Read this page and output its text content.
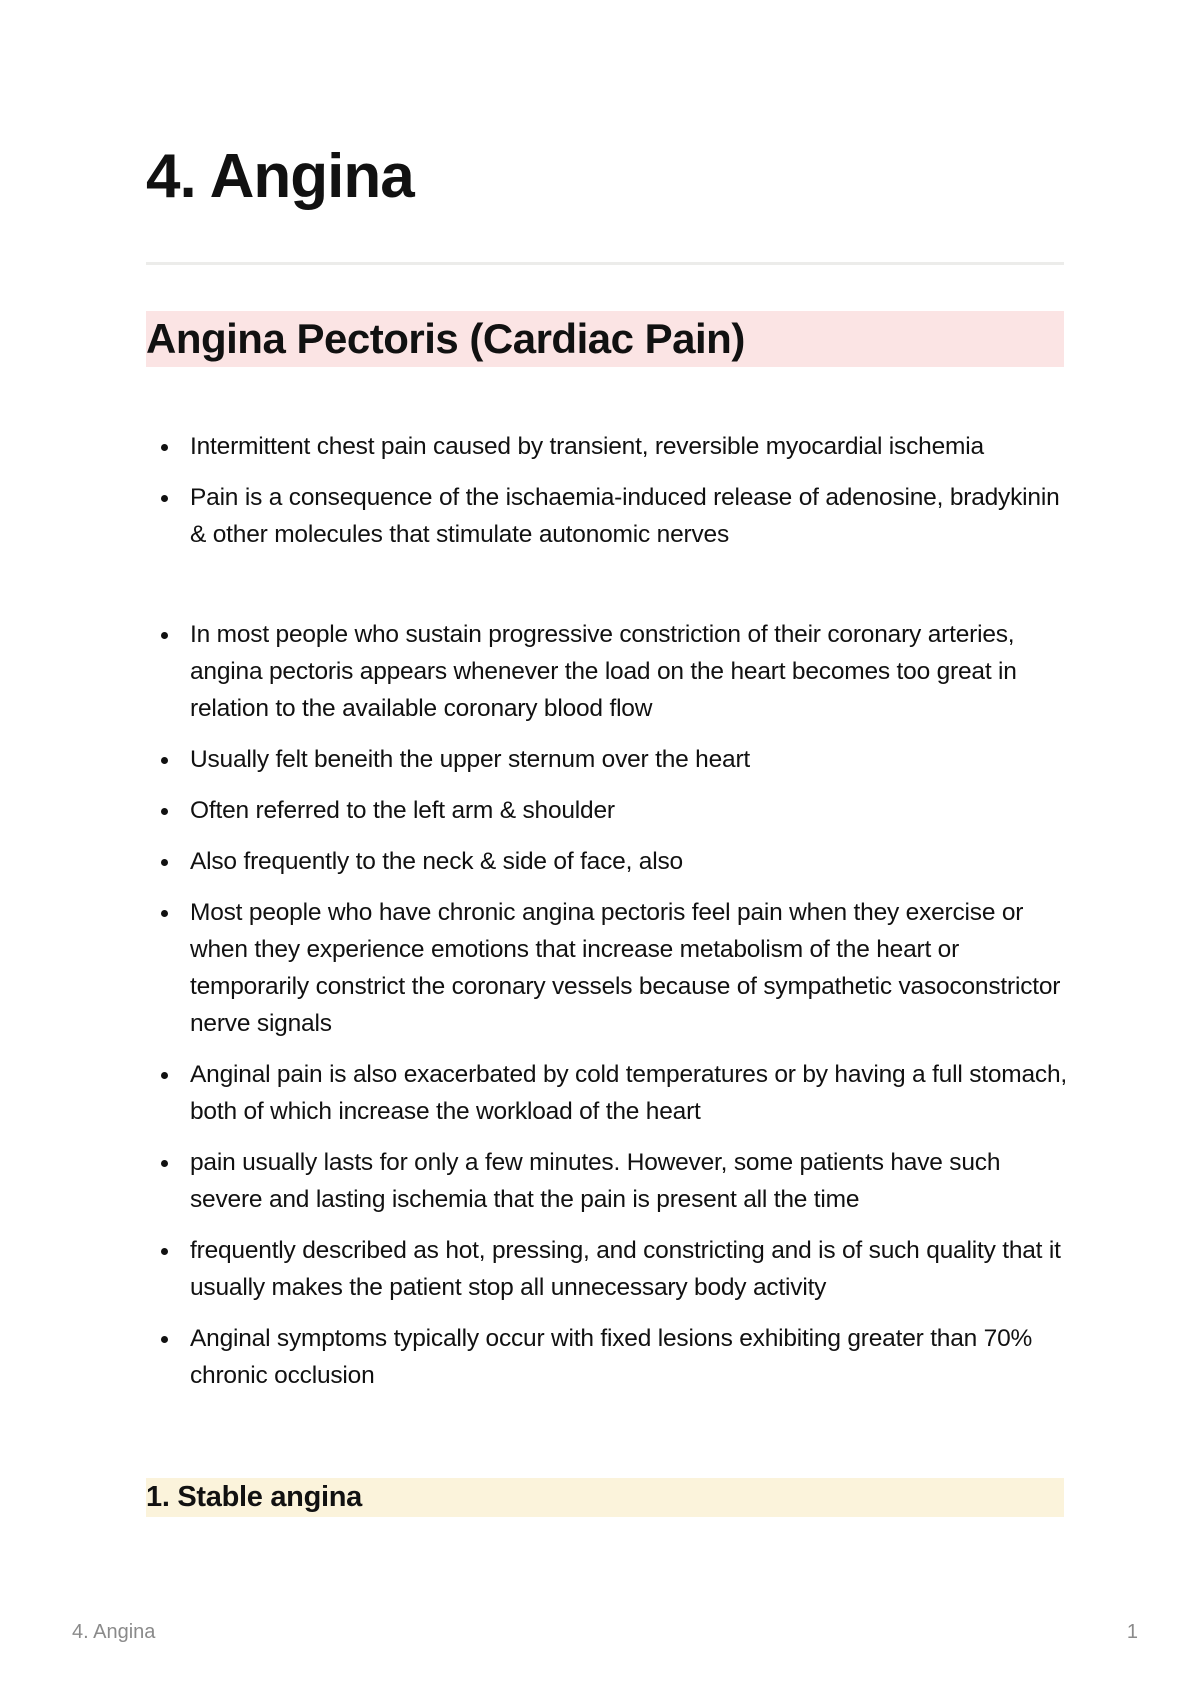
4. Angina
Angina Pectoris (Cardiac Pain)
Intermittent chest pain caused by transient, reversible myocardial ischemia
Pain is a consequence of the ischaemia-induced release of adenosine, bradykinin & other molecules that stimulate autonomic nerves
In most people who sustain progressive constriction of their coronary arteries, angina pectoris appears whenever the load on the heart becomes too great in relation to the available coronary blood flow
Usually felt beneith the upper sternum over the heart
Often referred to the left arm & shoulder
Also frequently to the neck & side of face, also
Most people who have chronic angina pectoris feel pain when they exercise or when they experience emotions that increase metabolism of the heart or temporarily constrict the coronary vessels because of sympathetic vasoconstrictor nerve signals
Anginal pain is also exacerbated by cold temperatures or by having a full stomach, both of which increase the workload of the heart
pain usually lasts for only a few minutes. However, some patients have such severe and lasting ischemia that the pain is present all the time
frequently described as hot, pressing, and constricting and is of such quality that it usually makes the patient stop all unnecessary body activity
Anginal symptoms typically occur with fixed lesions exhibiting greater than 70% chronic occlusion
1. Stable angina
4. Angina	1
